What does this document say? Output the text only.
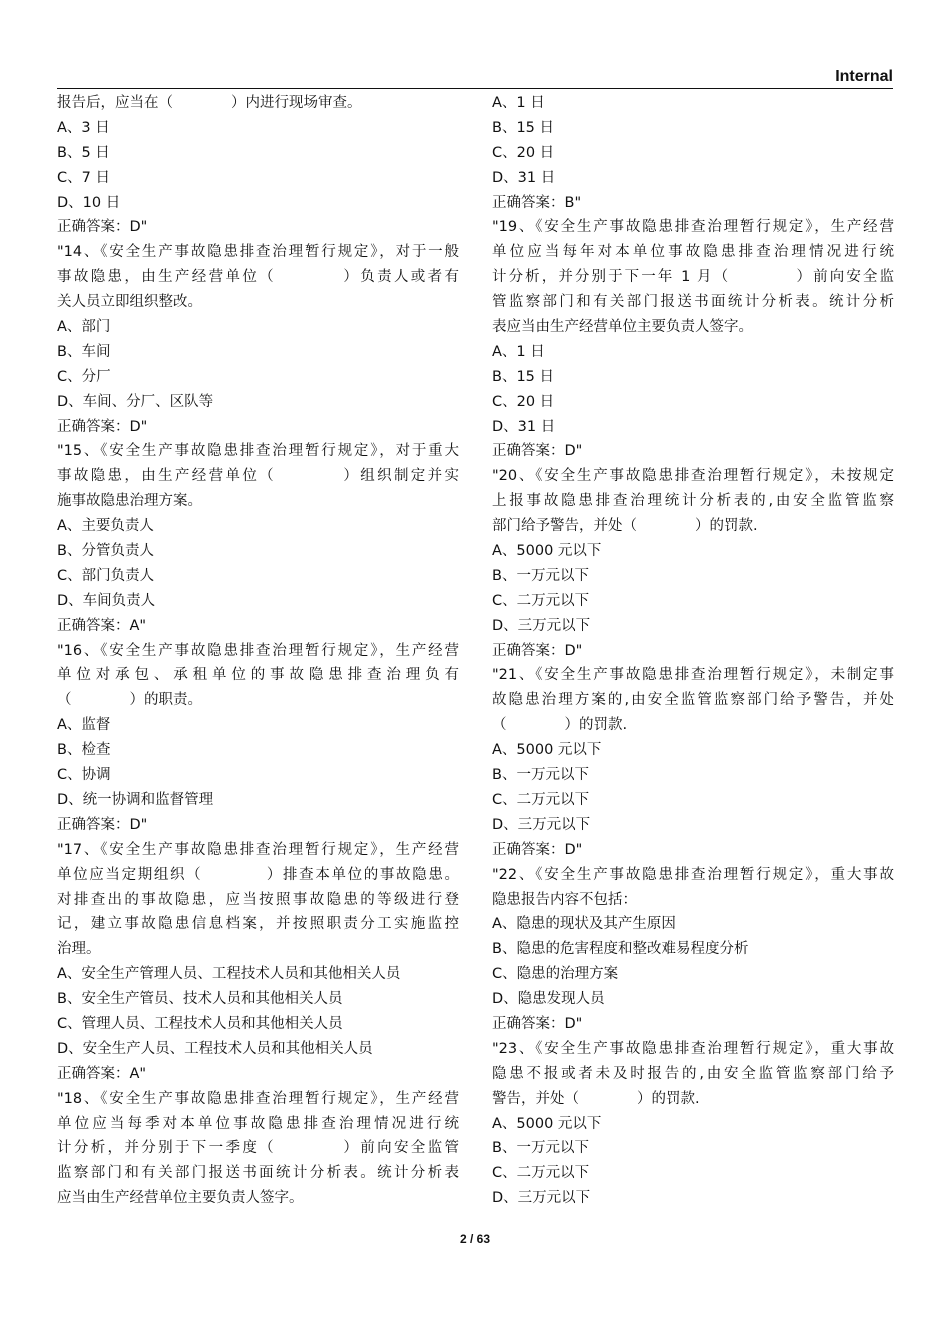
Internal
报告后，应当在（　　　　）内进行现场审查。
A、3 日
B、5 日
C、7 日
D、10 日
正确答案：D"
"14、《安全生产事故隐患排查治理暂行规定》，对于一般
事故隐患，由生产经营单位（　　　　）负责人或者有
关人员立即组织整改。
A、部门
B、车间
C、分厂
D、车间、分厂、区队等
正确答案：D"
"15、《安全生产事故隐患排查治理暂行规定》，对于重大
事故隐患，由生产经营单位（　　　　）组织制定并实
施事故隐患治理方案。
A、主要负责人
B、分管负责人
C、部门负责人
D、车间负责人
正确答案：A"
"16、《安全生产事故隐患排查治理暂行规定》，生产经营
单位对承包、承租单位的事故隐患排查治理负有
（　　　　）的职责。
A、监督
B、检查
C、协调
D、统一协调和监督管理
正确答案：D"
"17、《安全生产事故隐患排查治理暂行规定》，生产经营
单位应当定期组织（　　　　）排查本单位的事故隐患。
对排查出的事故隐患，应当按照事故隐患的等级进行登
记，建立事故隐患信息档案，并按照职责分工实施监控
治理。
A、安全生产管理人员、工程技术人员和其他相关人员
B、安全生产管员、技术人员和其他相关人员
C、管理人员、工程技术人员和其他相关人员
D、安全生产人员、工程技术人员和其他相关人员
正确答案：A"
"18、《安全生产事故隐患排查治理暂行规定》，生产经营
单位应当每季对本单位事故隐患排查治理情况进行统
计分析，并分别于下一季度（　　　　）前向安全监管
监察部门和有关部门报送书面统计分析表。统计分析表
应当由生产经营单位主要负责人签字。
A、1 日
B、15 日
C、20 日
D、31 日
正确答案：B"
"19、《安全生产事故隐患排查治理暂行规定》，生产经营
单位应当每年对本单位事故隐患排查治理情况进行统
计分析，并分别于下一年 1 月（　　　　）前向安全监
管监察部门和有关部门报送书面统计分析表。统计分析
表应当由生产经营单位主要负责人签字。
A、1 日
B、15 日
C、20 日
D、31 日
正确答案：D"
"20、《安全生产事故隐患排查治理暂行规定》，未按规定
上报事故隐患排查治理统计分析表的,由安全监管监察
部门给予警告，并处（　　　　）的罚款.
A、5000 元以下
B、一万元以下
C、二万元以下
D、三万元以下
正确答案：D"
"21、《安全生产事故隐患排查治理暂行规定》，未制定事
故隐患治理方案的,由安全监管监察部门给予警告，并处
（　　　　）的罚款.
A、5000 元以下
B、一万元以下
C、二万元以下
D、三万元以下
正确答案：D"
"22、《安全生产事故隐患排查治理暂行规定》，重大事故
隐患报告内容不包括：
A、隐患的现状及其产生原因
B、隐患的危害程度和整改难易程度分析
C、隐患的治理方案
D、隐患发现人员
正确答案：D"
"23、《安全生产事故隐患排查治理暂行规定》，重大事故
隐患不报或者未及时报告的,由安全监管监察部门给予
警告，并处（　　　　）的罚款.
A、5000 元以下
B、一万元以下
C、二万元以下
D、三万元以下
2 / 63
